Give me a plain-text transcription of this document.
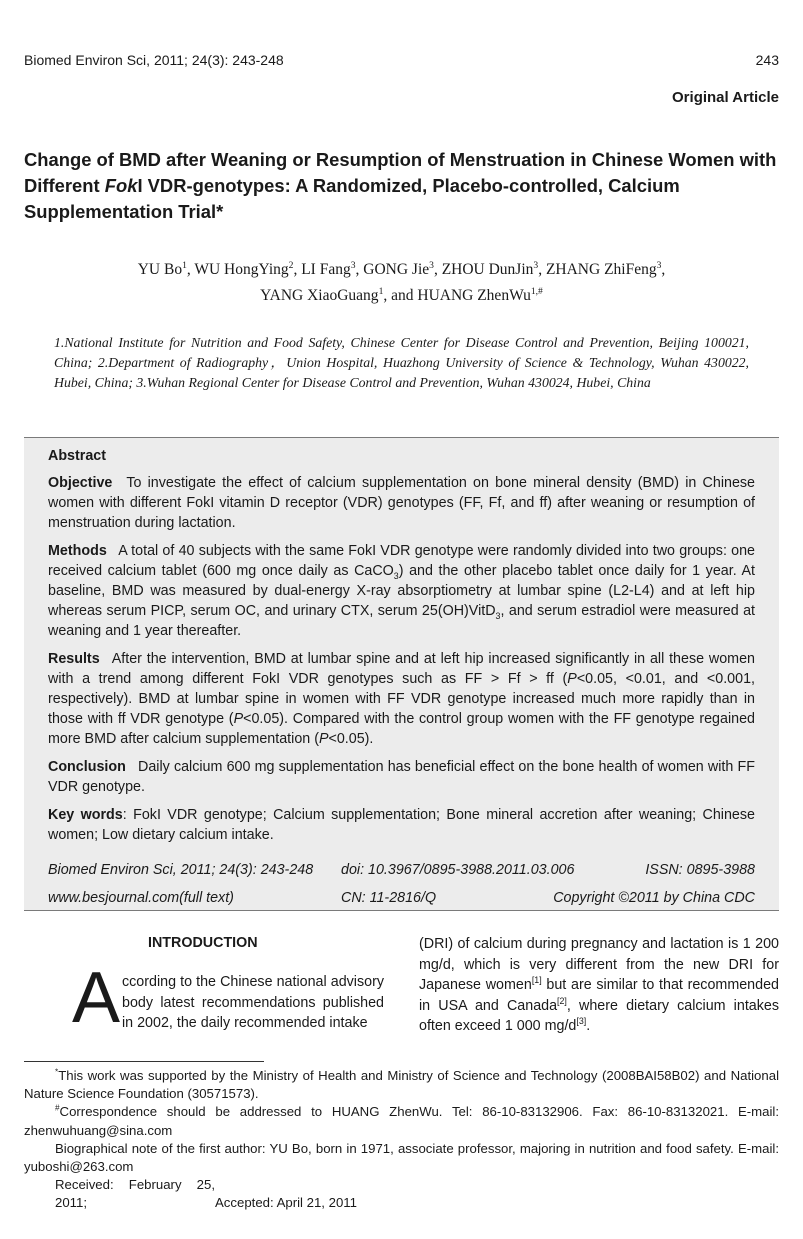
Biomed Environ Sci, 2011; 24(3): 243-248	243
Original Article
Change of BMD after Weaning or Resumption of Menstruation in Chinese Women with Different FokI VDR-genotypes: A Randomized, Placebo-controlled, Calcium Supplementation Trial*
YU Bo$^1$, WU HongYing$^2$, LI Fang$^3$, GONG Jie$^3$, ZHOU DunJin$^3$, ZHANG ZhiFeng$^3$,
YANG XiaoGuang$^1$, and HUANG ZhenWu$^{1,\#}$
1.National Institute for Nutrition and Food Safety, Chinese Center for Disease Control and Prevention, Beijing 100021, China; 2.Department of Radiography，Union Hospital, Huazhong University of Science & Technology, Wuhan 430022, Hubei, China; 3.Wuhan Regional Center for Disease Control and Prevention, Wuhan 430024, Hubei, China
Abstract
Objective To investigate the effect of calcium supplementation on bone mineral density (BMD) in Chinese women with different FokI vitamin D receptor (VDR) genotypes (FF, Ff, and ff) after weaning or resumption of menstruation during lactation.
Methods A total of 40 subjects with the same FokI VDR genotype were randomly divided into two groups: one received calcium tablet (600 mg once daily as CaCO$_3$) and the other placebo tablet once daily for 1 year. At baseline, BMD was measured by dual-energy X-ray absorptiometry at lumbar spine (L2-L4) and at left hip whereas serum PICP, serum OC, and urinary CTX, serum 25(OH)VitD$_3$, and serum estradiol were measured at weaning and 1 year thereafter.
Results After the intervention, BMD at lumbar spine and at left hip increased significantly in all these women with a trend among different FokI VDR genotypes such as FF > Ff > ff (P<0.05, <0.01, and <0.001, respectively). BMD at lumbar spine in women with FF VDR genotype increased much more rapidly than in those with ff VDR genotype (P<0.05). Compared with the control group women with the FF genotype regained more BMD after calcium supplementation (P<0.05).
Conclusion Daily calcium 600 mg supplementation has beneficial effect on the bone health of women with FF VDR genotype.
Key words: FokI VDR genotype; Calcium supplementation; Bone mineral accretion after weaning; Chinese women; Low dietary calcium intake.
Biomed Environ Sci, 2011; 24(3): 243-248 doi: 10.3967/0895-3988.2011.03.006	ISSN: 0895-3988
www.besjournal.com(full text)	CN: 11-2816/Q	Copyright ©2011 by China CDC
INTRODUCTION
A ccording to the Chinese national advisory body latest recommendations published in 2002, the daily recommended intake
(DRI) of calcium during pregnancy and lactation is 1 200 mg/d, which is very different from the new DRI for Japanese women[1] but are similar to that recommended in USA and Canada[2], where dietary calcium intakes often exceed 1 000 mg/d[3].

*This work was supported by the Ministry of Health and Ministry of Science and Technology (2008BAI58B02) and National Nature Science Foundation (30571573).

#Correspondence should be addressed to HUANG ZhenWu. Tel: 86-10-83132906. Fax: 86-10-83132021. E-mail: zhenwuhuang@sina.com

Biographical note of the first author: YU Bo, born in 1971, associate professor, majoring in nutrition and food safety. E-mail: yuboshi@263.com

Received: February 25, 2011;	Accepted: April 21, 2011
